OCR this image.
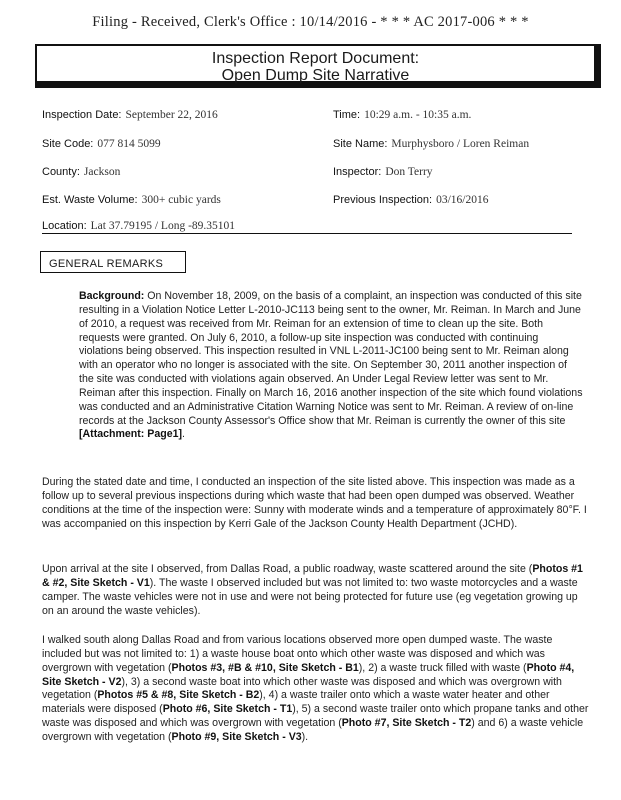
Filing - Received, Clerk's Office : 10/14/2016 - * * * AC 2017-006 * * *
Inspection Report Document:
Open Dump Site Narrative
Inspection Date: September 22, 2016	Time: 10:29 a.m. - 10:35 a.m.
Site Code: 077 814 5099	Site Name: Murphysboro / Loren Reiman
County: Jackson	Inspector: Don Terry
Est. Waste Volume: 300+ cubic yards	Previous Inspection: 03/16/2016
Location: Lat 37.79195 / Long -89.35101
GENERAL REMARKS
Background: On November 18, 2009, on the basis of a complaint, an inspection was conducted of this site resulting in a Violation Notice Letter L-2010-JC113 being sent to the owner, Mr. Reiman. In March and June of 2010, a request was received from Mr. Reiman for an extension of time to clean up the site. Both requests were granted. On July 6, 2010, a follow-up site inspection was conducted with continuing violations being observed. This inspection resulted in VNL L-2011-JC100 being sent to Mr. Reiman along with an operator who no longer is associated with the site. On September 30, 2011 another inspection of the site was conducted with violations again observed. An Under Legal Review letter was sent to Mr. Reiman after this inspection. Finally on March 16, 2016 another inspection of the site which found violations was conducted and an Administrative Citation Warning Notice was sent to Mr. Reiman. A review of on-line records at the Jackson County Assessor's Office show that Mr. Reiman is currently the owner of this site [Attachment: Page1].
During the stated date and time, I conducted an inspection of the site listed above. This inspection was made as a follow up to several previous inspections during which waste that had been open dumped was observed. Weather conditions at the time of the inspection were: Sunny with moderate winds and a temperature of approximately 80°F. I was accompanied on this inspection by Kerri Gale of the Jackson County Health Department (JCHD).
Upon arrival at the site I observed, from Dallas Road, a public roadway, waste scattered around the site (Photos #1 & #2, Site Sketch - V1). The waste I observed included but was not limited to: two waste motorcycles and a waste camper. The waste vehicles were not in use and were not being protected for future use (eg vegetation growing up on an around the waste vehicles).
I walked south along Dallas Road and from various locations observed more open dumped waste. The waste included but was not limited to: 1) a waste house boat onto which other waste was disposed and which was overgrown with vegetation (Photos #3, #B & #10, Site Sketch - B1), 2) a waste truck filled with waste (Photo #4, Site Sketch - V2), 3) a second waste boat into which other waste was disposed and which was overgrown with vegetation (Photos #5 & #8, Site Sketch - B2), 4) a waste trailer onto which a waste water heater and other materials were disposed (Photo #6, Site Sketch - T1), 5) a second waste trailer onto which propane tanks and other waste was disposed and which was overgrown with vegetation (Photo #7, Site Sketch - T2) and 6) a waste vehicle overgrown with vegetation (Photo #9, Site Sketch - V3).
